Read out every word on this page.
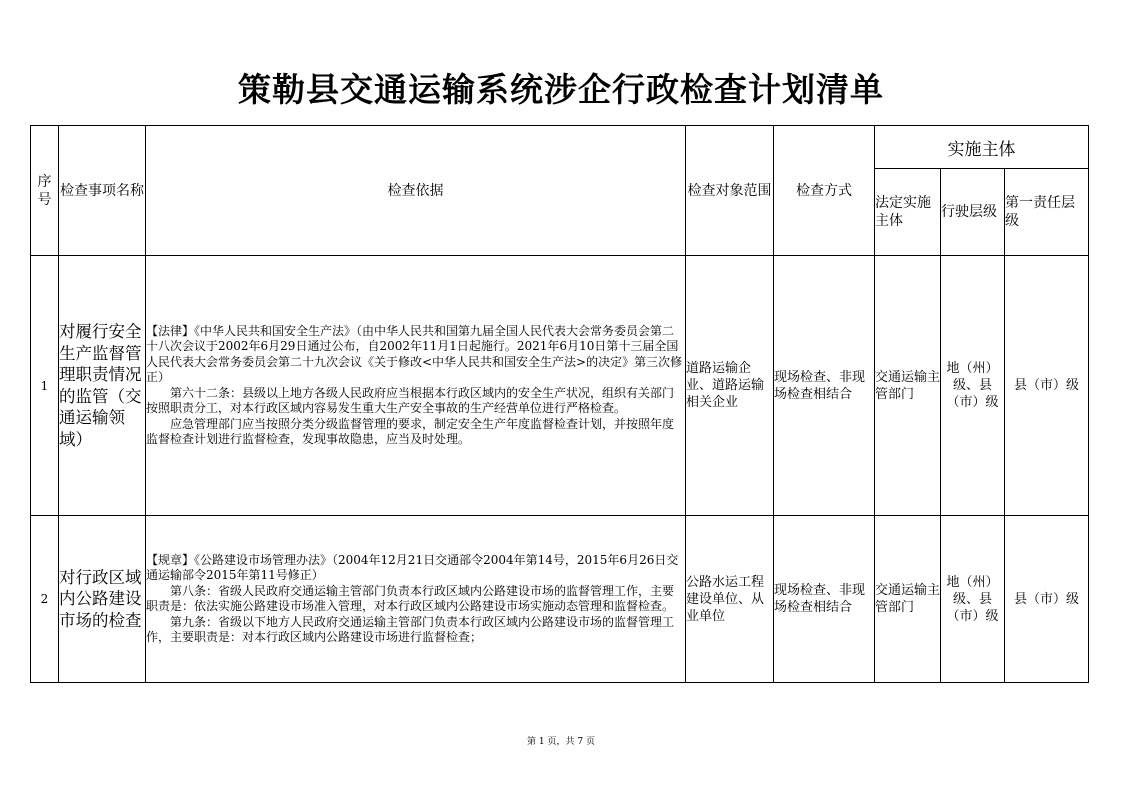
策勒县交通运输系统涉企行政检查计划清单
序号	检查事项名称	检查依据	检查对象范围	检查方式	实施主体		
					法定实施主体	行驶层级	第一责任层级
1	对履行安全生产监督管理职责情况的监管（交通运输领域）	【法律】《中华人民共和国安全生产法》（由中华人民共和国第九届全国人民代表大会常务委员会第二十八次会议于2002年6月29日通过公布，自2002年11月1日起施行。2021年6月10日第十三届全国人民代表大会常务委员会第二十九次会议《关于修改<中华人民共和国安全生产法>的决定》第三次修正）

第六十二条：县级以上地方各级人民政府应当根据本行政区域内的安全生产状况，组织有关部门按照职责分工，对本行政区域内容易发生重大生产安全事故的生产经营单位进行严格检查。

应急管理部门应当按照分类分级监督管理的要求，制定安全生产年度监督检查计划，并按照年度监督检查计划进行监督检查，发现事故隐患，应当及时处理。	道路运输企业、道路运输相关企业	现场检查、非现场检查相结合	交通运输主管部门	地（州）级、县（市）级	县（市）级
2	对行政区域内公路建设市场的检查	【规章】《公路建设市场管理办法》（2004年12月21日交通部令2004年第14号，2015年6月26日交通运输部令2015年第11号修正）

第八条：省级人民政府交通运输主管部门负责本行政区域内公路建设市场的监督管理工作，主要职责是：依法实施公路建设市场准入管理，对本行政区域内公路建设市场实施动态管理和监督检查。

第九条：省级以下地方人民政府交通运输主管部门负责本行政区域内公路建设市场的监督管理工作，主要职责是：对本行政区域内公路建设市场进行监督检查；	公路水运工程建设单位、从业单位	现场检查、非现场检查相结合	交通运输主管部门	地（州）级、县（市）级	县（市）级
第 1 页，共 7 页
